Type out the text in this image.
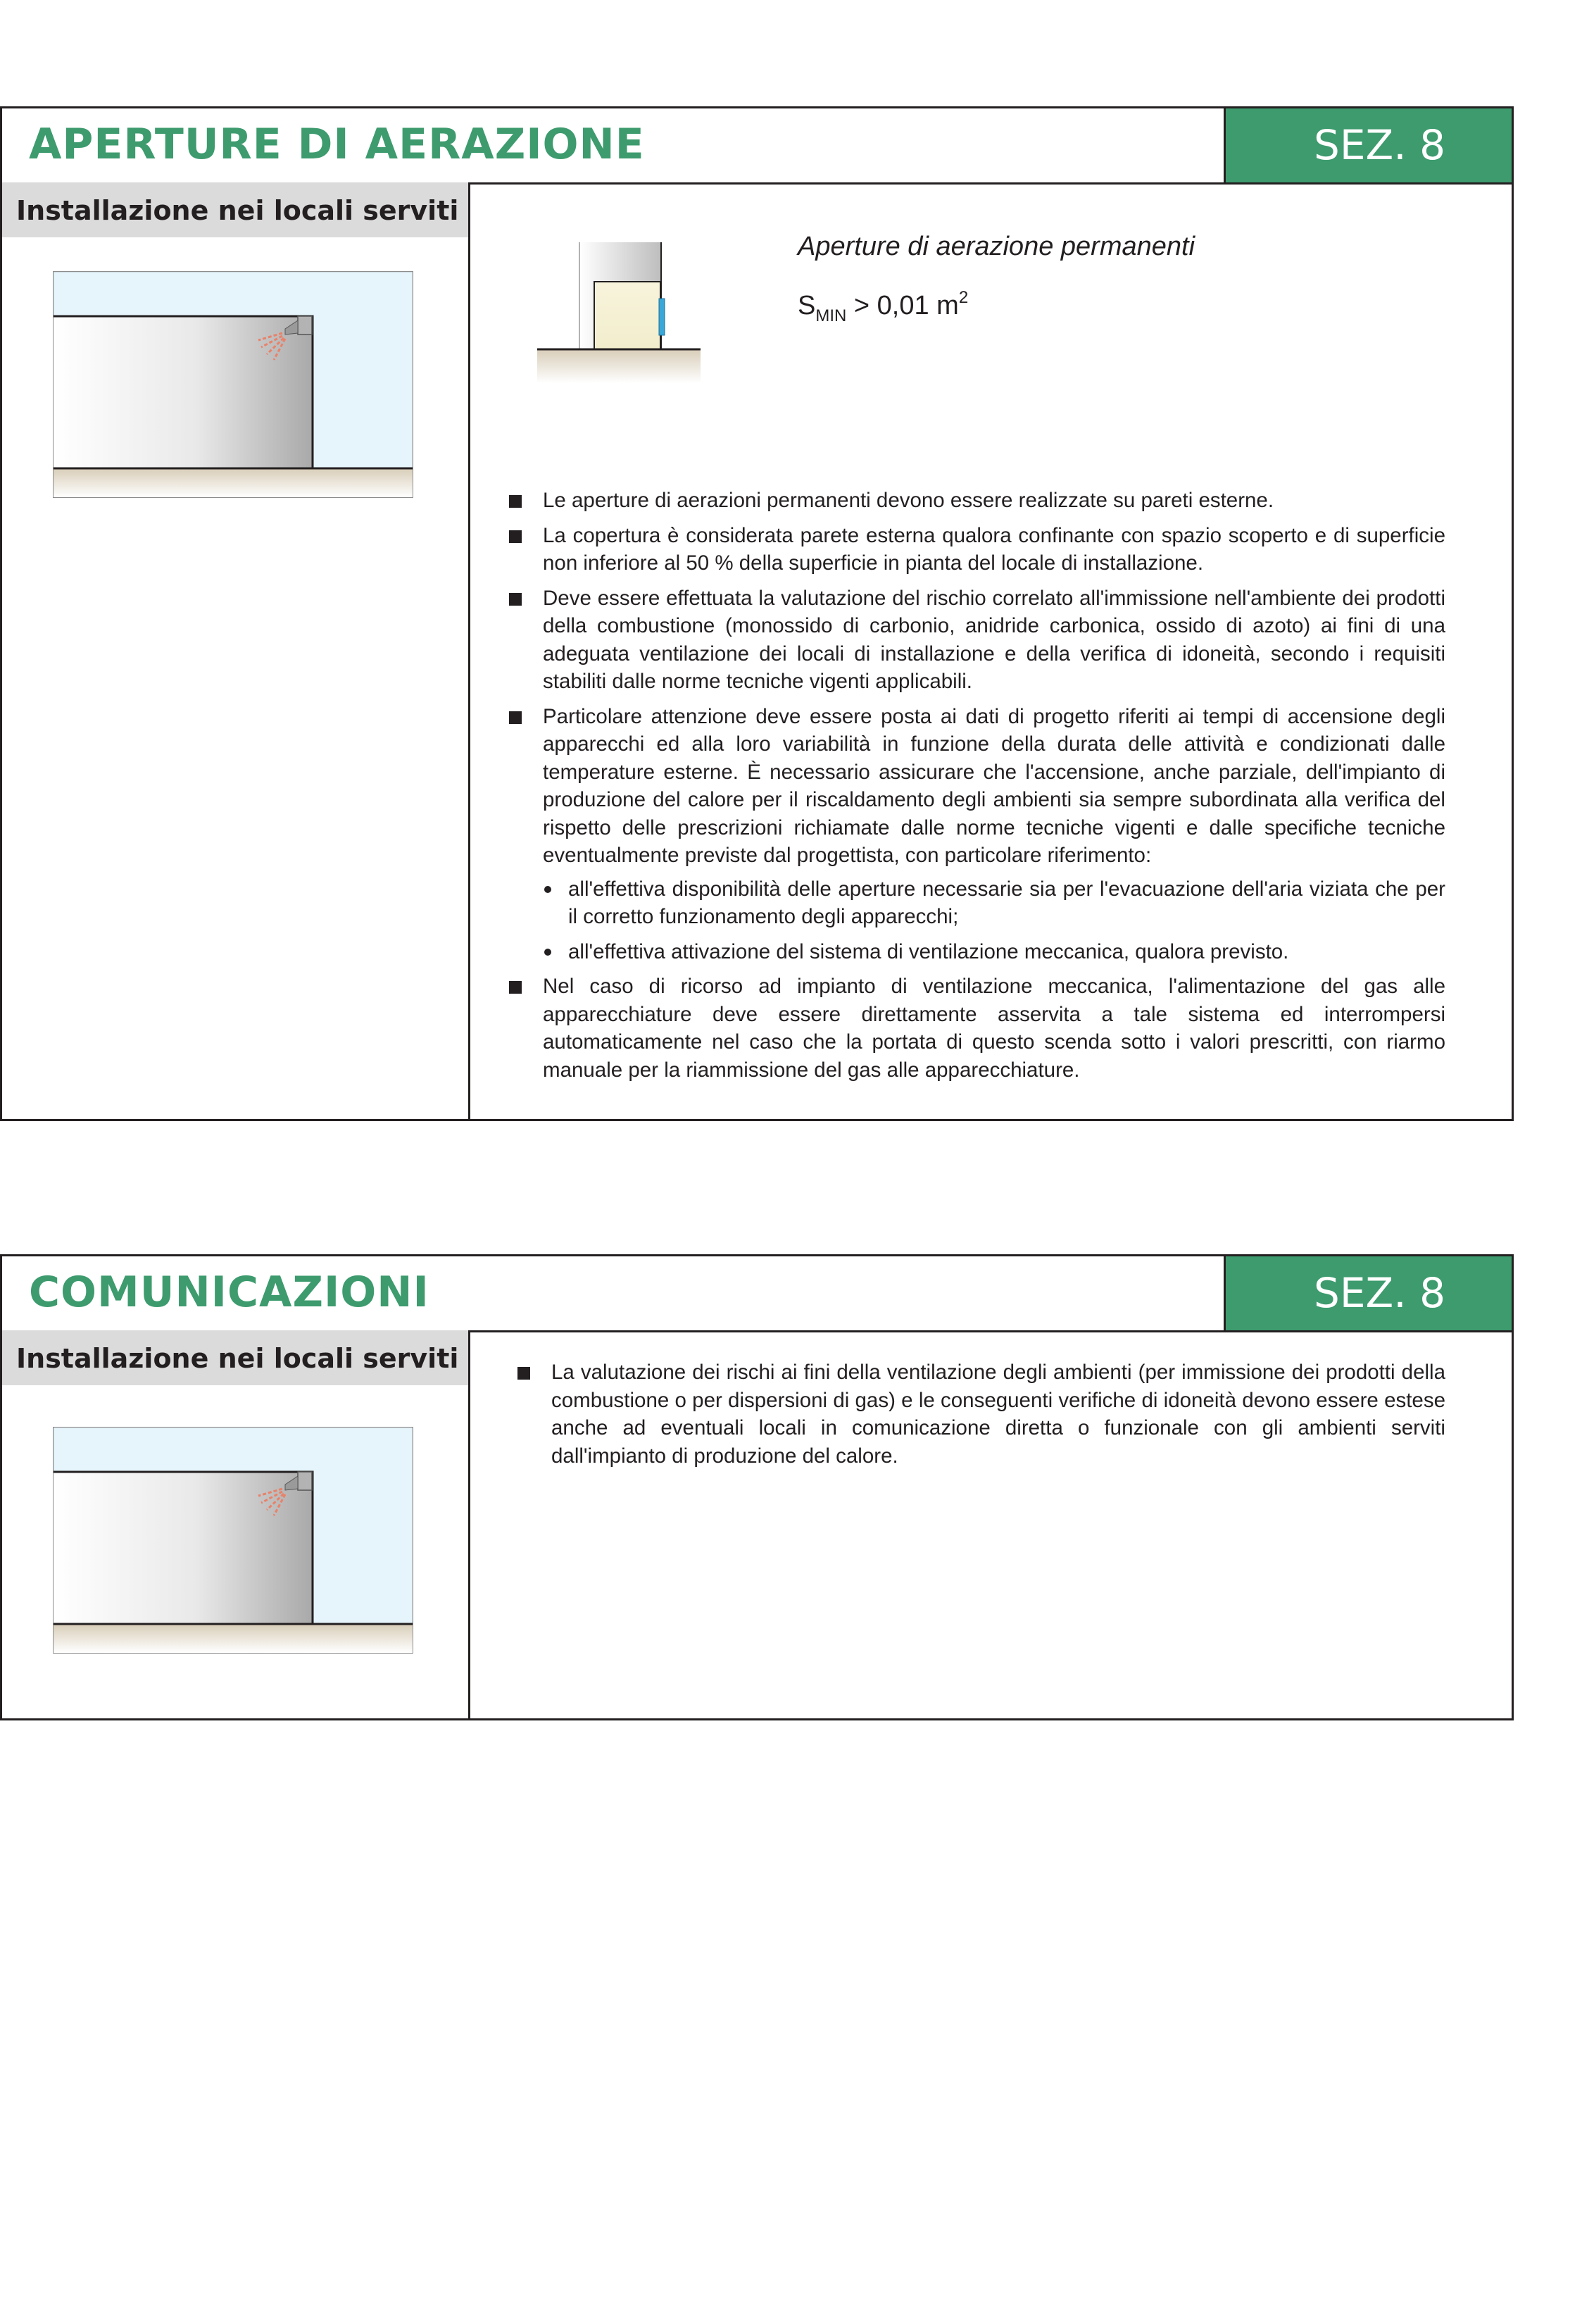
APERTURE DI AERAZIONE	SEZ. 8
Installazione nei locali serviti
Aperture di aerazione permanenti
$S_{MIN} > 0,01$ $m^2$
Le aperture di aerazioni permanenti devono essere realizzate su pareti esterne.
La copertura è considerata parete esterna qualora confinante con spazio scoperto e di superficie non inferiore al 50 % della superficie in pianta del locale di installazione.
Deve essere effettuata la valutazione del rischio correlato all'immissione nell'ambiente dei prodotti della combustione (monossido di carbonio, anidride carbonica, ossido di azoto) ai fini di una adeguata ventilazione dei locali di installazione e della verifica di idoneità, secondo i requisiti stabiliti dalle norme tecniche vigenti applicabili.
Particolare attenzione deve essere posta ai dati di progetto riferiti ai tempi di accensione degli apparecchi ed alla loro variabilità in funzione della durata delle attività e condizionati dalle temperature esterne. È necessario assicurare che l'accensione, anche parziale, dell'impianto di produzione del calore per il riscaldamento degli ambienti sia sempre subordinata alla verifica del rispetto delle prescrizioni richiamate dalle norme tecniche vigenti e dalle specifiche tecniche eventualmente previste dal progettista, con particolare riferimento:
all'effettiva disponibilità delle aperture necessarie sia per l'evacuazione dell'aria viziata che per il corretto funzionamento degli apparecchi;
all'effettiva attivazione del sistema di ventilazione meccanica, qualora previsto.
Nel caso di ricorso ad impianto di ventilazione meccanica, l'alimentazione del gas alle apparecchiature deve essere direttamente asservita a tale sistema ed interrompersi automaticamente nel caso che la portata di questo scenda sotto i valori prescritti, con riarmo manuale per la riammissione del gas alle apparecchiature.
COMUNICAZIONI	SEZ. 8
Installazione nei locali serviti	La valutazione dei rischi ai fini della ventilazione degli ambienti (per immissione dei prodotti della combustione o per dispersioni di gas) e le conseguenti verifiche di idoneità devono essere estese anche ad eventuali locali in comunicazione diretta o funzionale con gli ambienti serviti dall'impianto di produzione del calore.
